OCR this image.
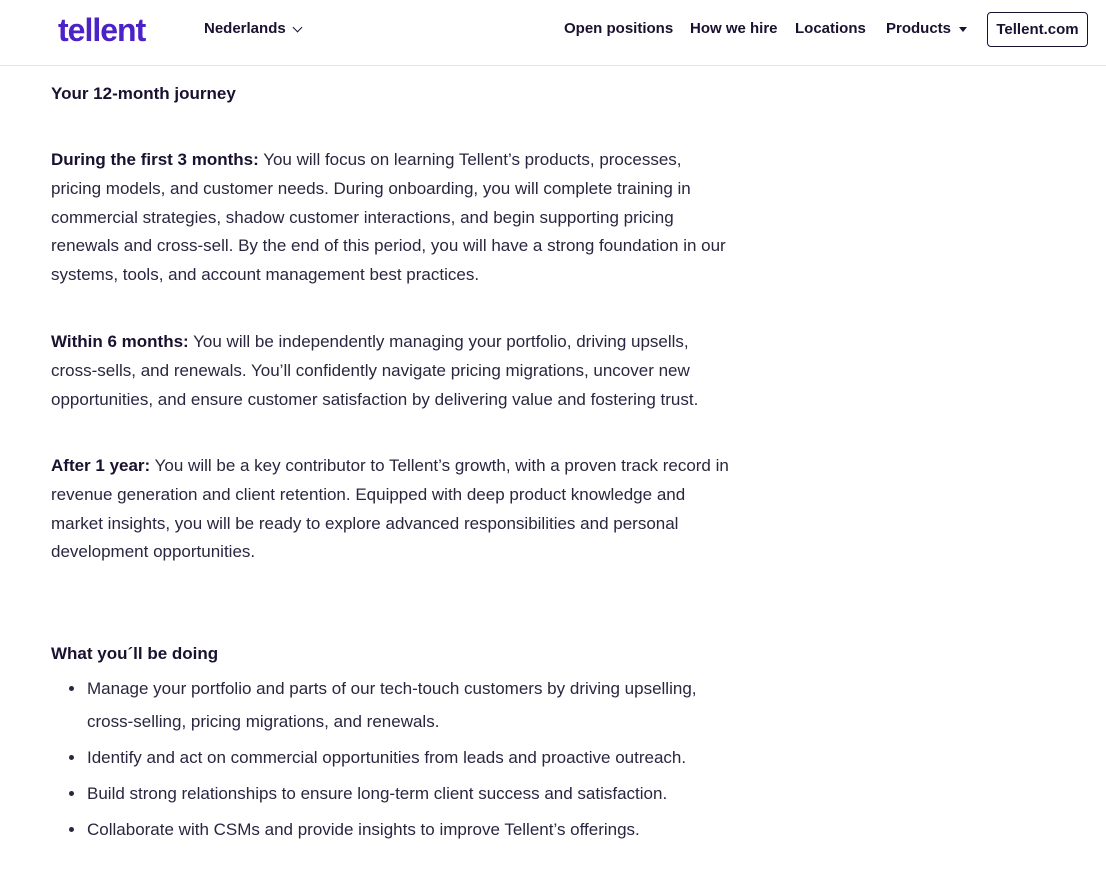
tellent	Nederlands	Open positions How we hire Locations Products	Tellent.com
Your 12-month journey

During the first 3 months: You will focus on learning Tellent’s products, processes, pricing models, and customer needs. During onboarding, you will complete training in commercial strategies, shadow customer interactions, and begin supporting pricing renewals and cross-sell. By the end of this period, you will have a strong foundation in our systems, tools, and account management best practices.

Within 6 months: You will be independently managing your portfolio, driving upsells, cross-sells, and renewals. You’ll confidently navigate pricing migrations, uncover new opportunities, and ensure customer satisfaction by delivering value and fostering trust.

After 1 year: You will be a key contributor to Tellent’s growth, with a proven track record in revenue generation and client retention. Equipped with deep product knowledge and market insights, you will be ready to explore advanced responsibilities and personal development opportunities.

What you´ll be doing
Manage your portfolio and parts of our tech-touch customers by driving upselling, cross-selling, pricing migrations, and renewals.
Identify and act on commercial opportunities from leads and proactive outreach.
Build strong relationships to ensure long-term client success and satisfaction.
Collaborate with CSMs and provide insights to improve Tellent’s offerings.
